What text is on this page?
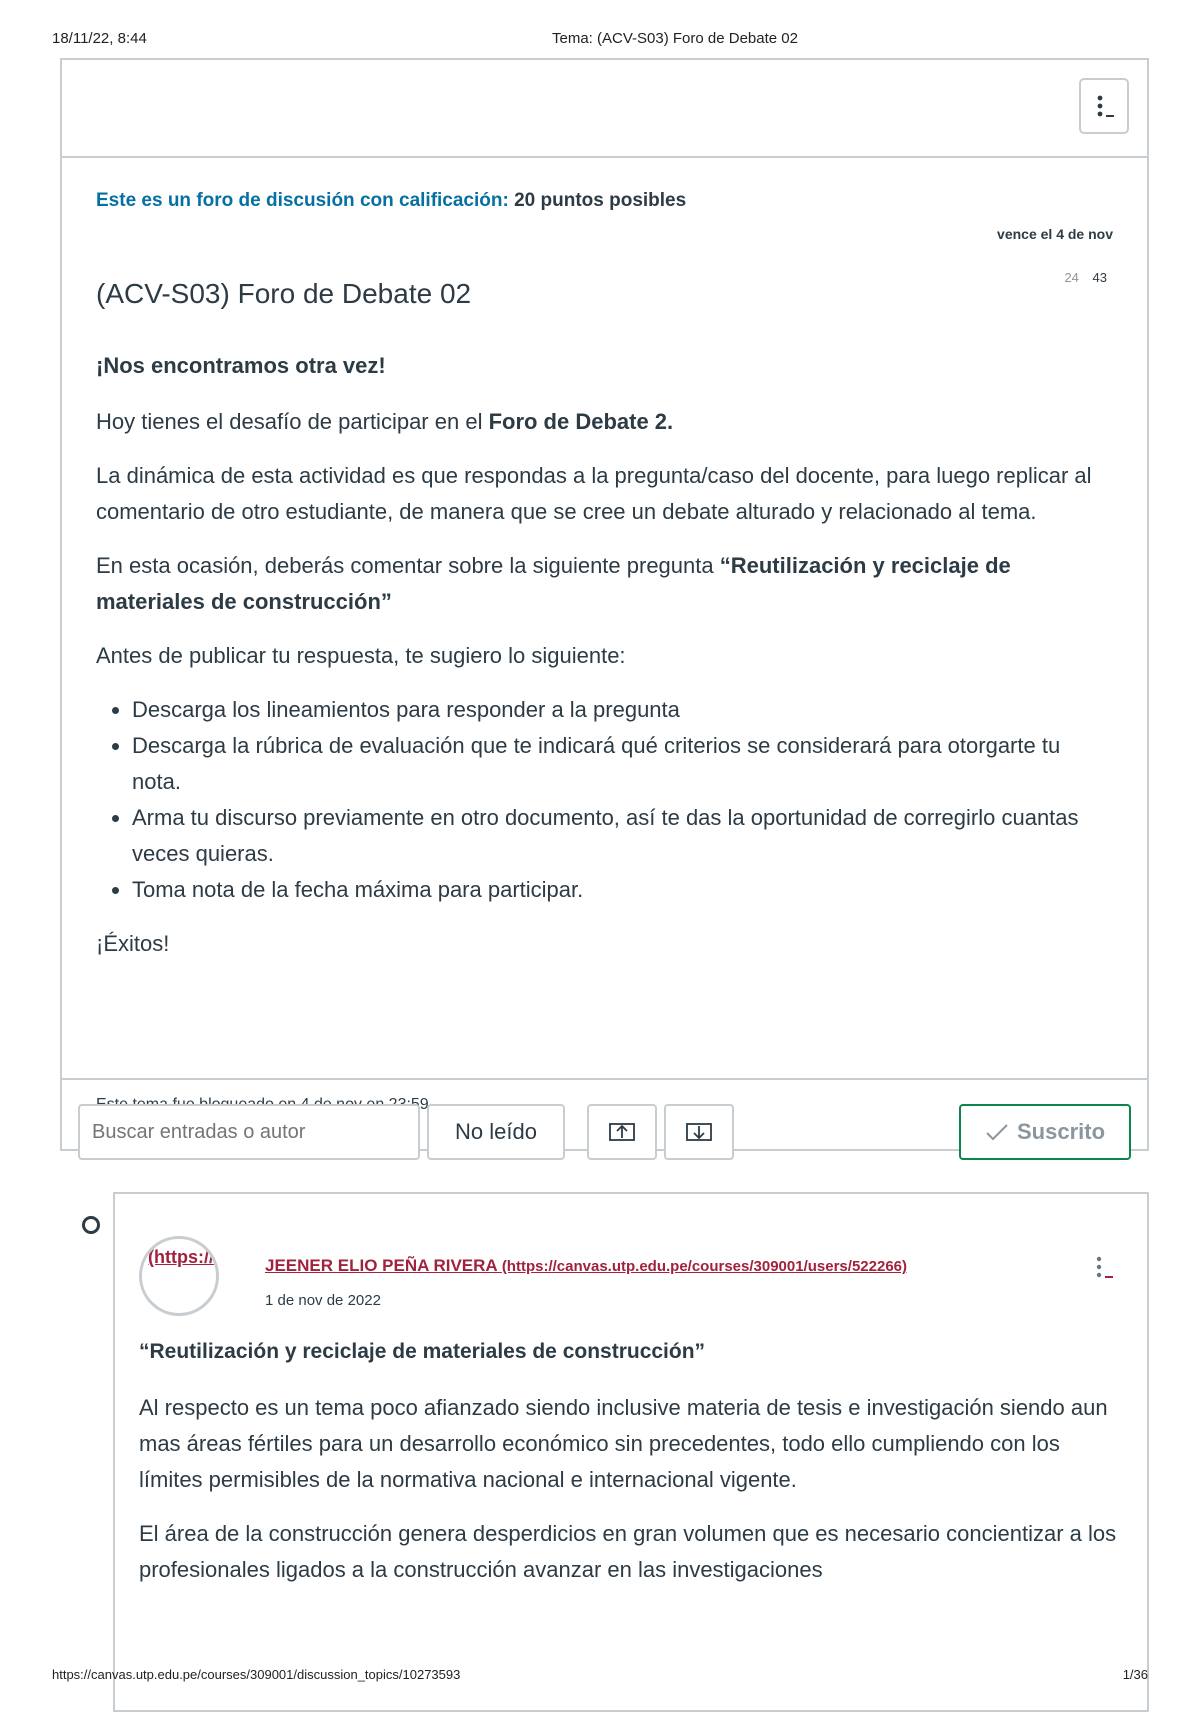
18/11/22, 8:44	Tema: (ACV-S03) Foro de Debate 02
Este es un foro de discusión con calificación: 20 puntos posibles
vence el 4 de nov
24 43
(ACV-S03) Foro de Debate 02

¡Nos encontramos otra vez!

Hoy tienes el desafío de participar en el Foro de Debate 2.

La dinámica de esta actividad es que respondas a la pregunta/caso del docente, para luego replicar al comentario de otro estudiante, de manera que se cree un debate alturado y relacionado al tema.

En esta ocasión, deberás comentar sobre la siguiente pregunta “Reutilización y reciclaje de materiales de construcción”

Antes de publicar tu respuesta, te sugiero lo siguiente:

• Descarga los lineamientos para responder a la pregunta
• Descarga la rúbrica de evaluación que te indicará qué criterios se considerará para otorgarte tu nota.
• Arma tu discurso previamente en otro documento, así te das la oportunidad de corregirlo cuantas veces quieras.
• Toma nota de la fecha máxima para participar.

¡Éxitos!

Buscar entradas o autor
No leído	Suscrito
(https://	JEENER ELIO PEÑA RIVERA (https://canvas.utp.edu.pe/courses/309001/users/522266)
1 de nov de 2022
“Reutilización y reciclaje de materiales de construcción”

Al respecto es un tema poco afianzado siendo inclusive materia de tesis e investigación siendo aun mas áreas fértiles para un desarrollo económico sin precedentes, todo ello cumpliendo con los límites permisibles de la normativa nacional e internacional vigente.

El área de la construcción genera desperdicios en gran volumen que es necesario concientizar a los profesionales ligados a la construcción avanzar en las investigaciones

https://canvas.utp.edu.pe/courses/309001/discussion_topics/10273593	1/36
